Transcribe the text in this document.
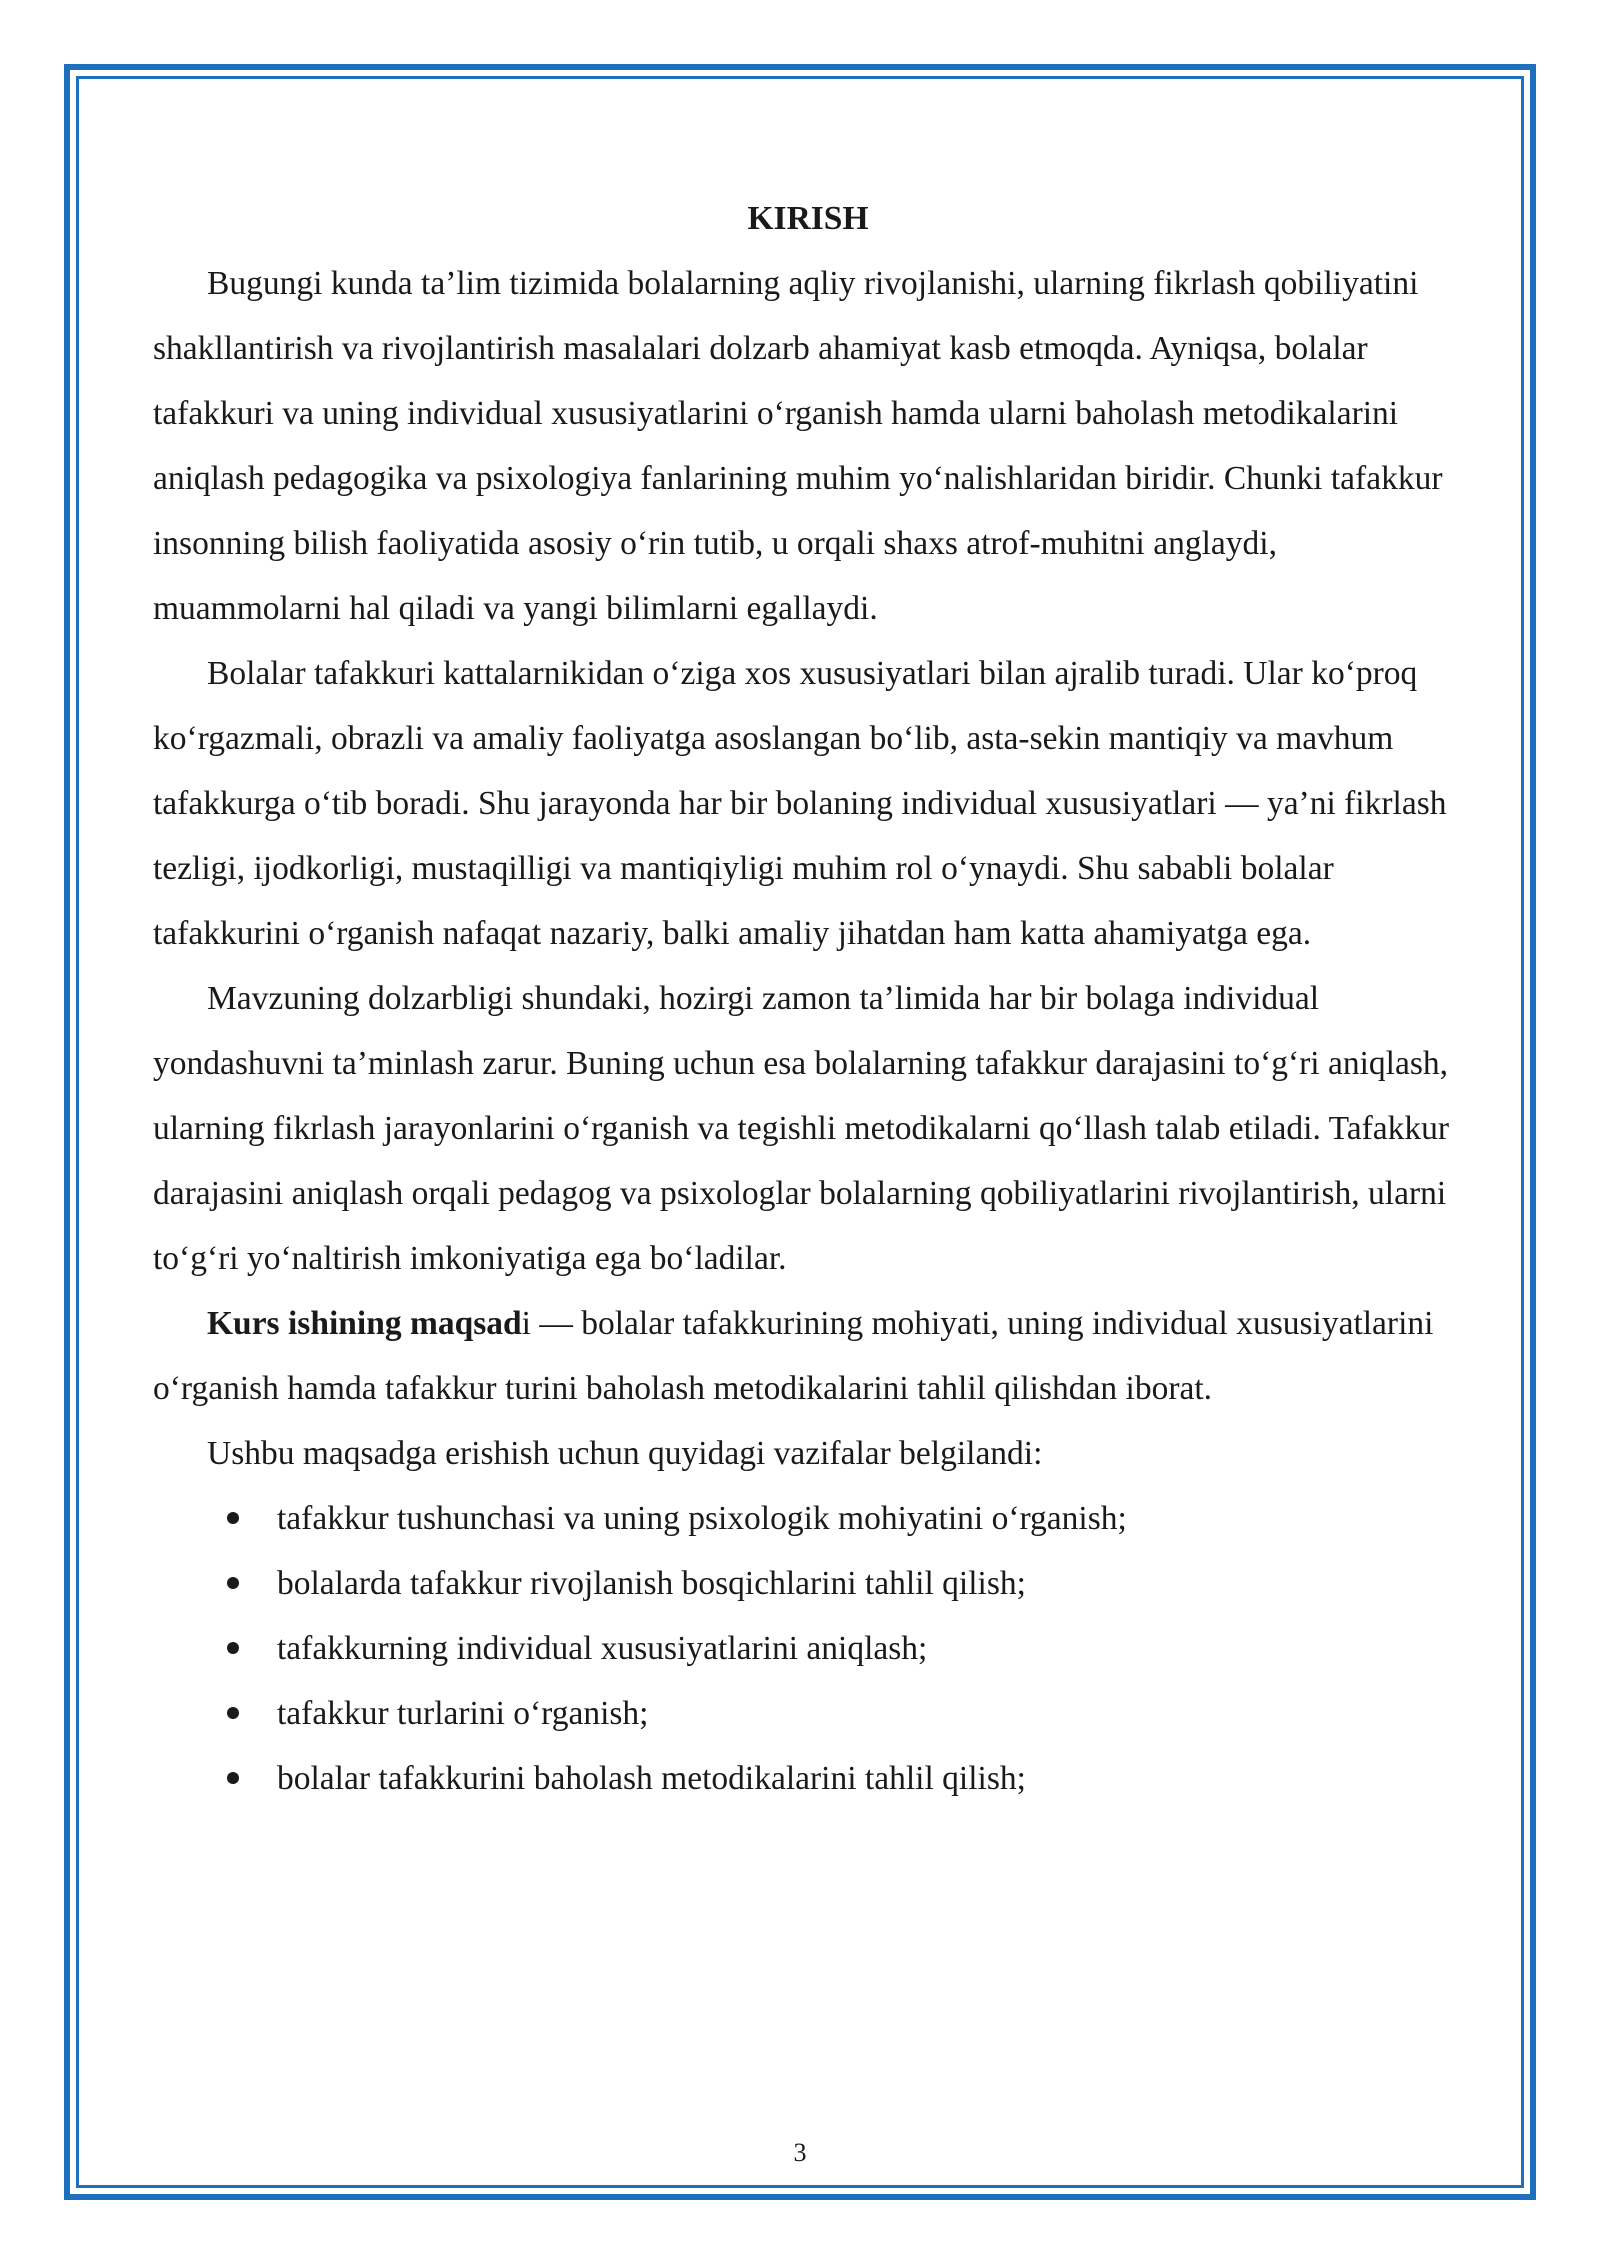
KIRISH

Bugungi kunda ta’lim tizimida bolalarning aqliy rivojlanishi, ularning fikrlash qobiliyatini shakllantirish va rivojlantirish masalalari dolzarb ahamiyat kasb etmoqda. Ayniqsa, bolalar tafakkuri va uning individual xususiyatlarini o‘rganish hamda ularni baholash metodikalarini aniqlash pedagogika va psixologiya fanlarining muhim yo‘nalishlaridan biridir. Chunki tafakkur insonning bilish faoliyatida asosiy o‘rin tutib, u orqali shaxs atrof-muhitni anglaydi, muammolarni hal qiladi va yangi bilimlarni egallaydi.

Bolalar tafakkuri kattalarnikidan o‘ziga xos xususiyatlari bilan ajralib turadi. Ular ko‘proq ko‘rgazmali, obrazli va amaliy faoliyatga asoslangan bo‘lib, asta-sekin mantiqiy va mavhum tafakkurga o‘tib boradi. Shu jarayonda har bir bolaning individual xususiyatlari — ya’ni fikrlash tezligi, ijodkorligi, mustaqilligi va mantiqiyligi muhim rol o‘ynaydi. Shu sababli bolalar tafakkurini o‘rganish nafaqat nazariy, balki amaliy jihatdan ham katta ahamiyatga ega.

Mavzuning dolzarbligi shundaki, hozirgi zamon ta’limida har bir bolaga individual yondashuvni ta’minlash zarur. Buning uchun esa bolalarning tafakkur darajasini to‘g‘ri aniqlash, ularning fikrlash jarayonlarini o‘rganish va tegishli metodikalarni qo‘llash talab etiladi. Tafakkur darajasini aniqlash orqali pedagog va psixologlar bolalarning qobiliyatlarini rivojlantirish, ularni to‘g‘ri yo‘naltirish imkoniyatiga ega bo‘ladilar.

Kurs ishining maqsadi — bolalar tafakkurining mohiyati, uning individual xususiyatlarini o‘rganish hamda tafakkur turini baholash metodikalarini tahlil qilishdan iborat.

Ushbu maqsadga erishish uchun quyidagi vazifalar belgilandi:

tafakkur tushunchasi va uning psixologik mohiyatini o‘rganish;
bolalarda tafakkur rivojlanish bosqichlarini tahlil qilish;
tafakkurning individual xususiyatlarini aniqlash;
tafakkur turlarini o‘rganish;
bolalar tafakkurini baholash metodikalarini tahlil qilish;
3
